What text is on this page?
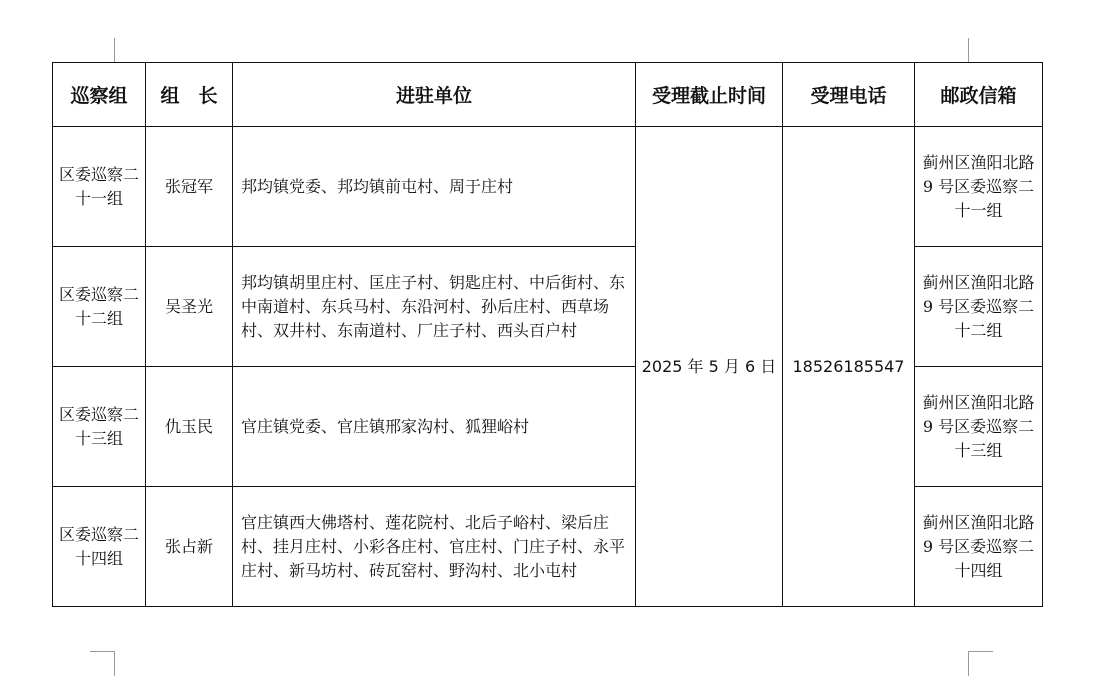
巡察组	组　长	进驻单位	受理截止时间	受理电话	邮政信箱
区委巡察二十一组	张冠军	邦均镇党委、邦均镇前屯村、周于庄村	2025 年 5 月 6 日	18526185547	蓟州区渔阳北路 9 号区委巡察二十一组
区委巡察二十二组	吴圣光	邦均镇胡里庄村、匡庄子村、钥匙庄村、中后街村、东中南道村、东兵马村、东沿河村、孙后庄村、西草场村、双井村、东南道村、厂庄子村、西头百户村			蓟州区渔阳北路 9 号区委巡察二十二组
区委巡察二十三组	仇玉民	官庄镇党委、官庄镇邢家沟村、狐狸峪村			蓟州区渔阳北路 9 号区委巡察二十三组
区委巡察二十四组	张占新	官庄镇西大佛塔村、莲花院村、北后子峪村、梁后庄村、挂月庄村、小彩各庄村、官庄村、门庄子村、永平庄村、新马坊村、砖瓦窑村、野沟村、北小屯村			蓟州区渔阳北路 9 号区委巡察二十四组
